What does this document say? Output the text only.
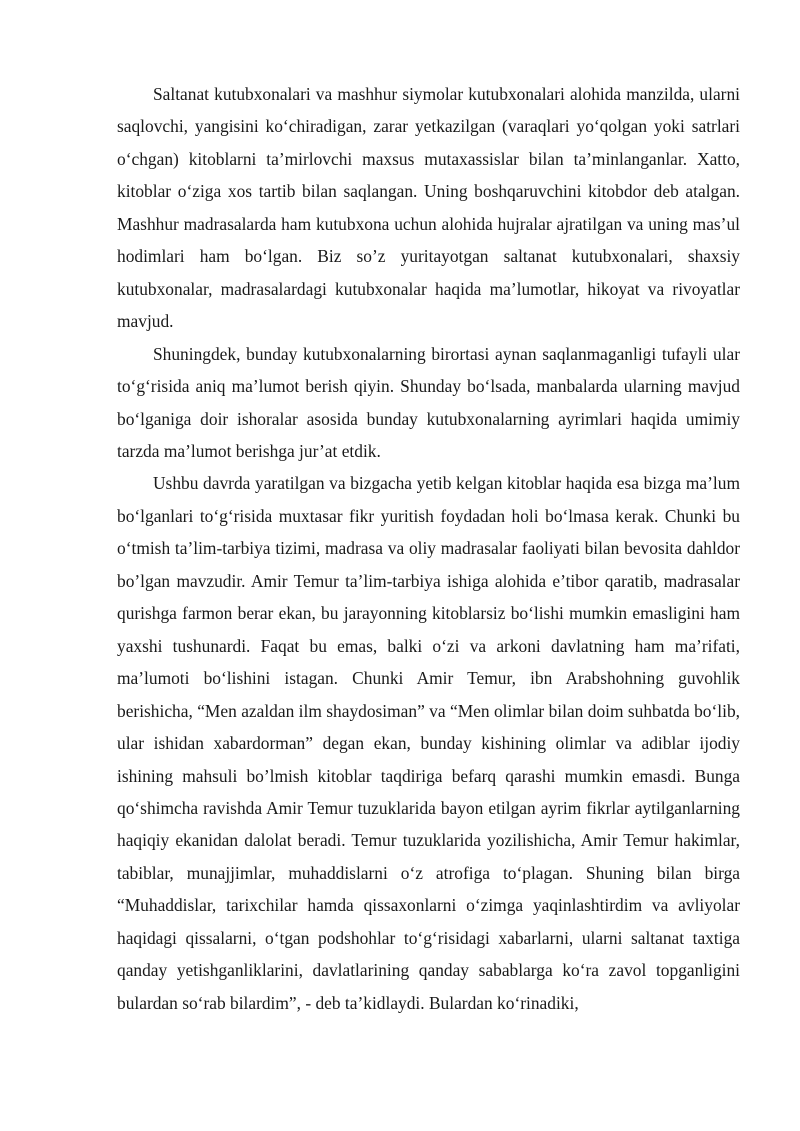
Saltanat kutubxonalari va mashhur siymolar kutubxonalari alohida manzilda, ularni saqlovchi, yangisini ko‘chiradigan, zarar yetkazilgan (varaqlari yo‘qolgan yoki satrlari o‘chgan) kitoblarni ta’mirlovchi maxsus mutaxassislar bilan ta’minlanganlar. Xatto, kitoblar o‘ziga xos tartib bilan saqlangan. Uning boshqaruvchini kitobdor deb atalgan. Mashhur madrasalarda ham kutubxona uchun alohida hujralar ajratilgan va uning mas’ul hodimlari ham bo‘lgan. Biz so’z yuritayotgan saltanat kutubxonalari, shaxsiy kutubxonalar, madrasalardagi kutubxonalar haqida ma’lumotlar, hikoyat va rivoyatlar mavjud.

Shuningdek, bunday kutubxonalarning birortasi aynan saqlanmaganligi tufayli ular to‘g‘risida aniq ma’lumot berish qiyin. Shunday bo‘lsada, manbalarda ularning mavjud bo‘lganiga doir ishoralar asosida bunday kutubxonalarning ayrimlari haqida umimiy tarzda ma’lumot berishga jur’at etdik.

Ushbu davrda yaratilgan va bizgacha yetib kelgan kitoblar haqida esa bizga ma’lum bo‘lganlari to‘g‘risida muxtasar fikr yuritish foydadan holi bo‘lmasa kerak. Chunki bu o‘tmish ta’lim-tarbiya tizimi, madrasa va oliy madrasalar faoliyati bilan bevosita dahldor bo’lgan mavzudir. Amir Temur ta’lim-tarbiya ishiga alohida e’tibor qaratib, madrasalar qurishga farmon berar ekan, bu jarayonning kitoblarsiz bo‘lishi mumkin emasligini ham yaxshi tushunardi. Faqat bu emas, balki o‘zi va arkoni davlatning ham ma’rifati, ma’lumoti bo‘lishini istagan. Chunki Amir Temur, ibn Arabshohning guvohlik berishicha, “Men azaldan ilm shaydosiman” va “Men olimlar bilan doim suhbatda bo‘lib, ular ishidan xabardorman” degan ekan, bunday kishining olimlar va adiblar ijodiy ishining mahsuli bo’lmish kitoblar taqdiriga befarq qarashi mumkin emasdi. Bunga qo‘shimcha ravishda Amir Temur tuzuklarida bayon etilgan ayrim fikrlar aytilganlarning haqiqiy ekanidan dalolat beradi. Temur tuzuklarida yozilishicha, Amir Temur hakimlar, tabiblar, munajjimlar, muhaddislarni o‘z atrofiga to‘plagan. Shuning bilan birga “Muhaddislar, tarixchilar hamda qissaxonlarni o‘zimga yaqinlashtirdim va avliyolar haqidagi qissalarni, o‘tgan podshohlar to‘g‘risidagi xabarlarni, ularni saltanat taxtiga qanday yetishganliklarini, davlatlarining qanday sabablarga ko‘ra zavol topganligini bulardan so‘rab bilardim”, - deb ta’kidlaydi. Bulardan ko‘rinadiki,
